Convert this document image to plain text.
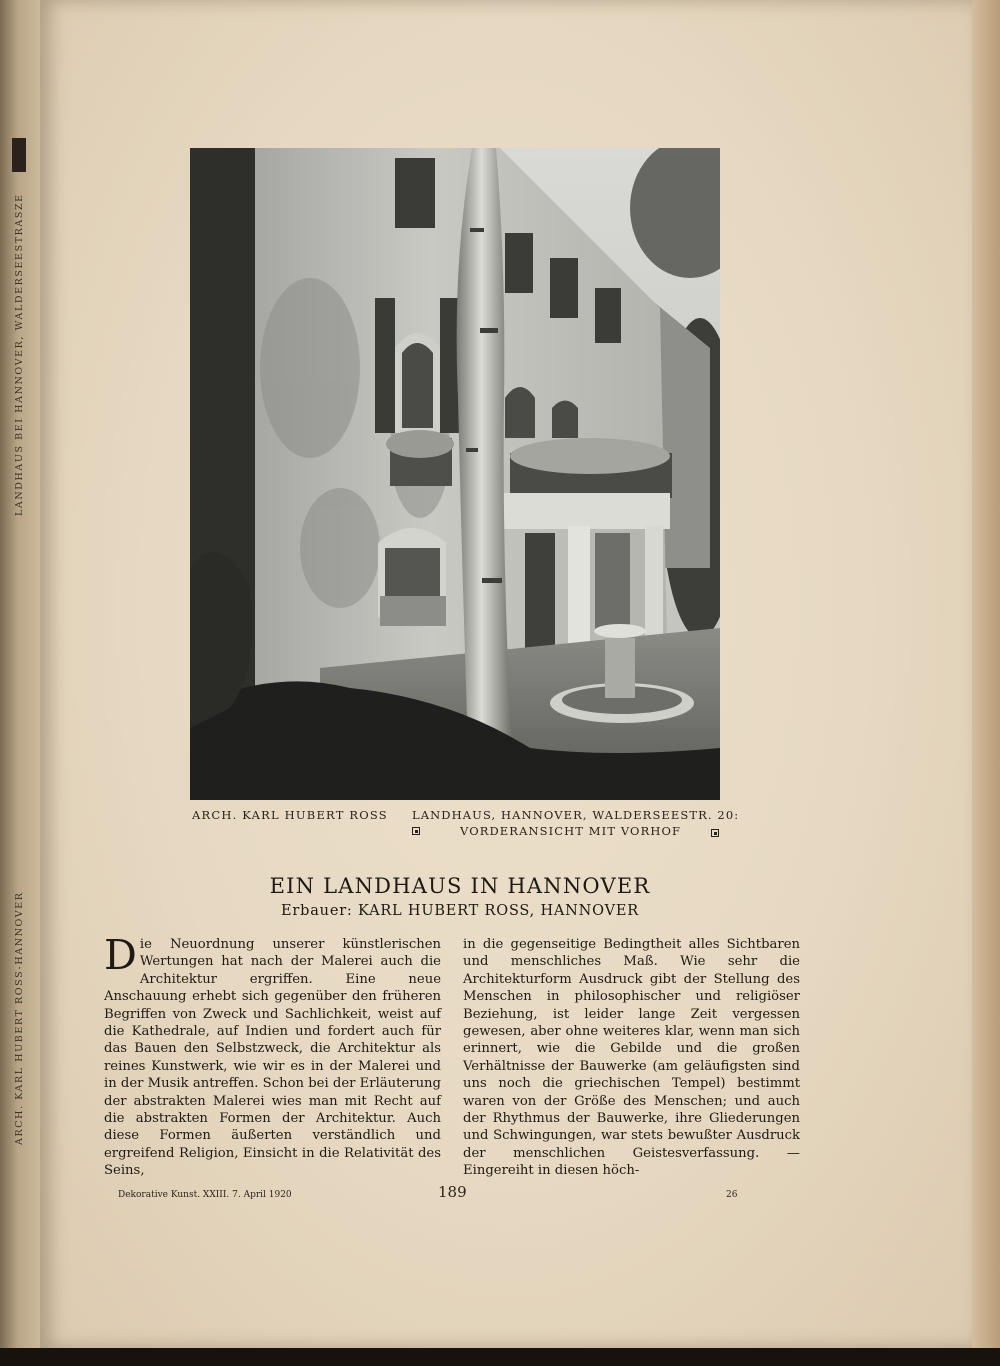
LANDHAUS BEI HANNOVER, WALDERSEESTRASZE
ARCH. KARL HUBERT ROSS-HANNOVER
ARCH. KARL HUBERT ROSS LANDHAUS, HANNOVER, WALDERSEESTR. 20:
VORDERANSICHT MIT VORHOF
EIN LANDHAUS IN HANNOVER
Erbauer: KARL HUBERT ROSS, HANNOVER

Die Neuordnung unserer künstlerischen Wertungen hat nach der Malerei auch die Architektur ergriffen. Eine neue Anschauung erhebt sich gegenüber den früheren Begriffen von Zweck und Sachlichkeit, weist auf die Kathedrale, auf Indien und fordert auch für das Bauen den Selbstzweck, die Architektur als reines Kunstwerk, wie wir es in der Malerei und in der Musik antreffen. Schon bei der Erläuterung der abstrakten Malerei wies man mit Recht auf die abstrakten Formen der Architektur. Auch diese Formen äußerten verständlich und ergreifend Religion, Einsicht in die Relativität des Seins,

in die gegenseitige Bedingtheit alles Sichtbaren und menschliches Maß. Wie sehr die Architekturform Ausdruck gibt der Stellung des Menschen in philosophischer und religiöser Beziehung, ist leider lange Zeit vergessen gewesen, aber ohne weiteres klar, wenn man sich erinnert, wie die Gebilde und die großen Verhältnisse der Bauwerke (am geläufigsten sind uns noch die griechischen Tempel) bestimmt waren von der Größe des Menschen; und auch der Rhythmus der Bauwerke, ihre Gliederungen und Schwingungen, war stets bewußter Ausdruck der menschlichen Geistesverfassung. — Eingereiht in diesen höch-

Dekorative Kunst. XXIII. 7. April 1920	189	26
